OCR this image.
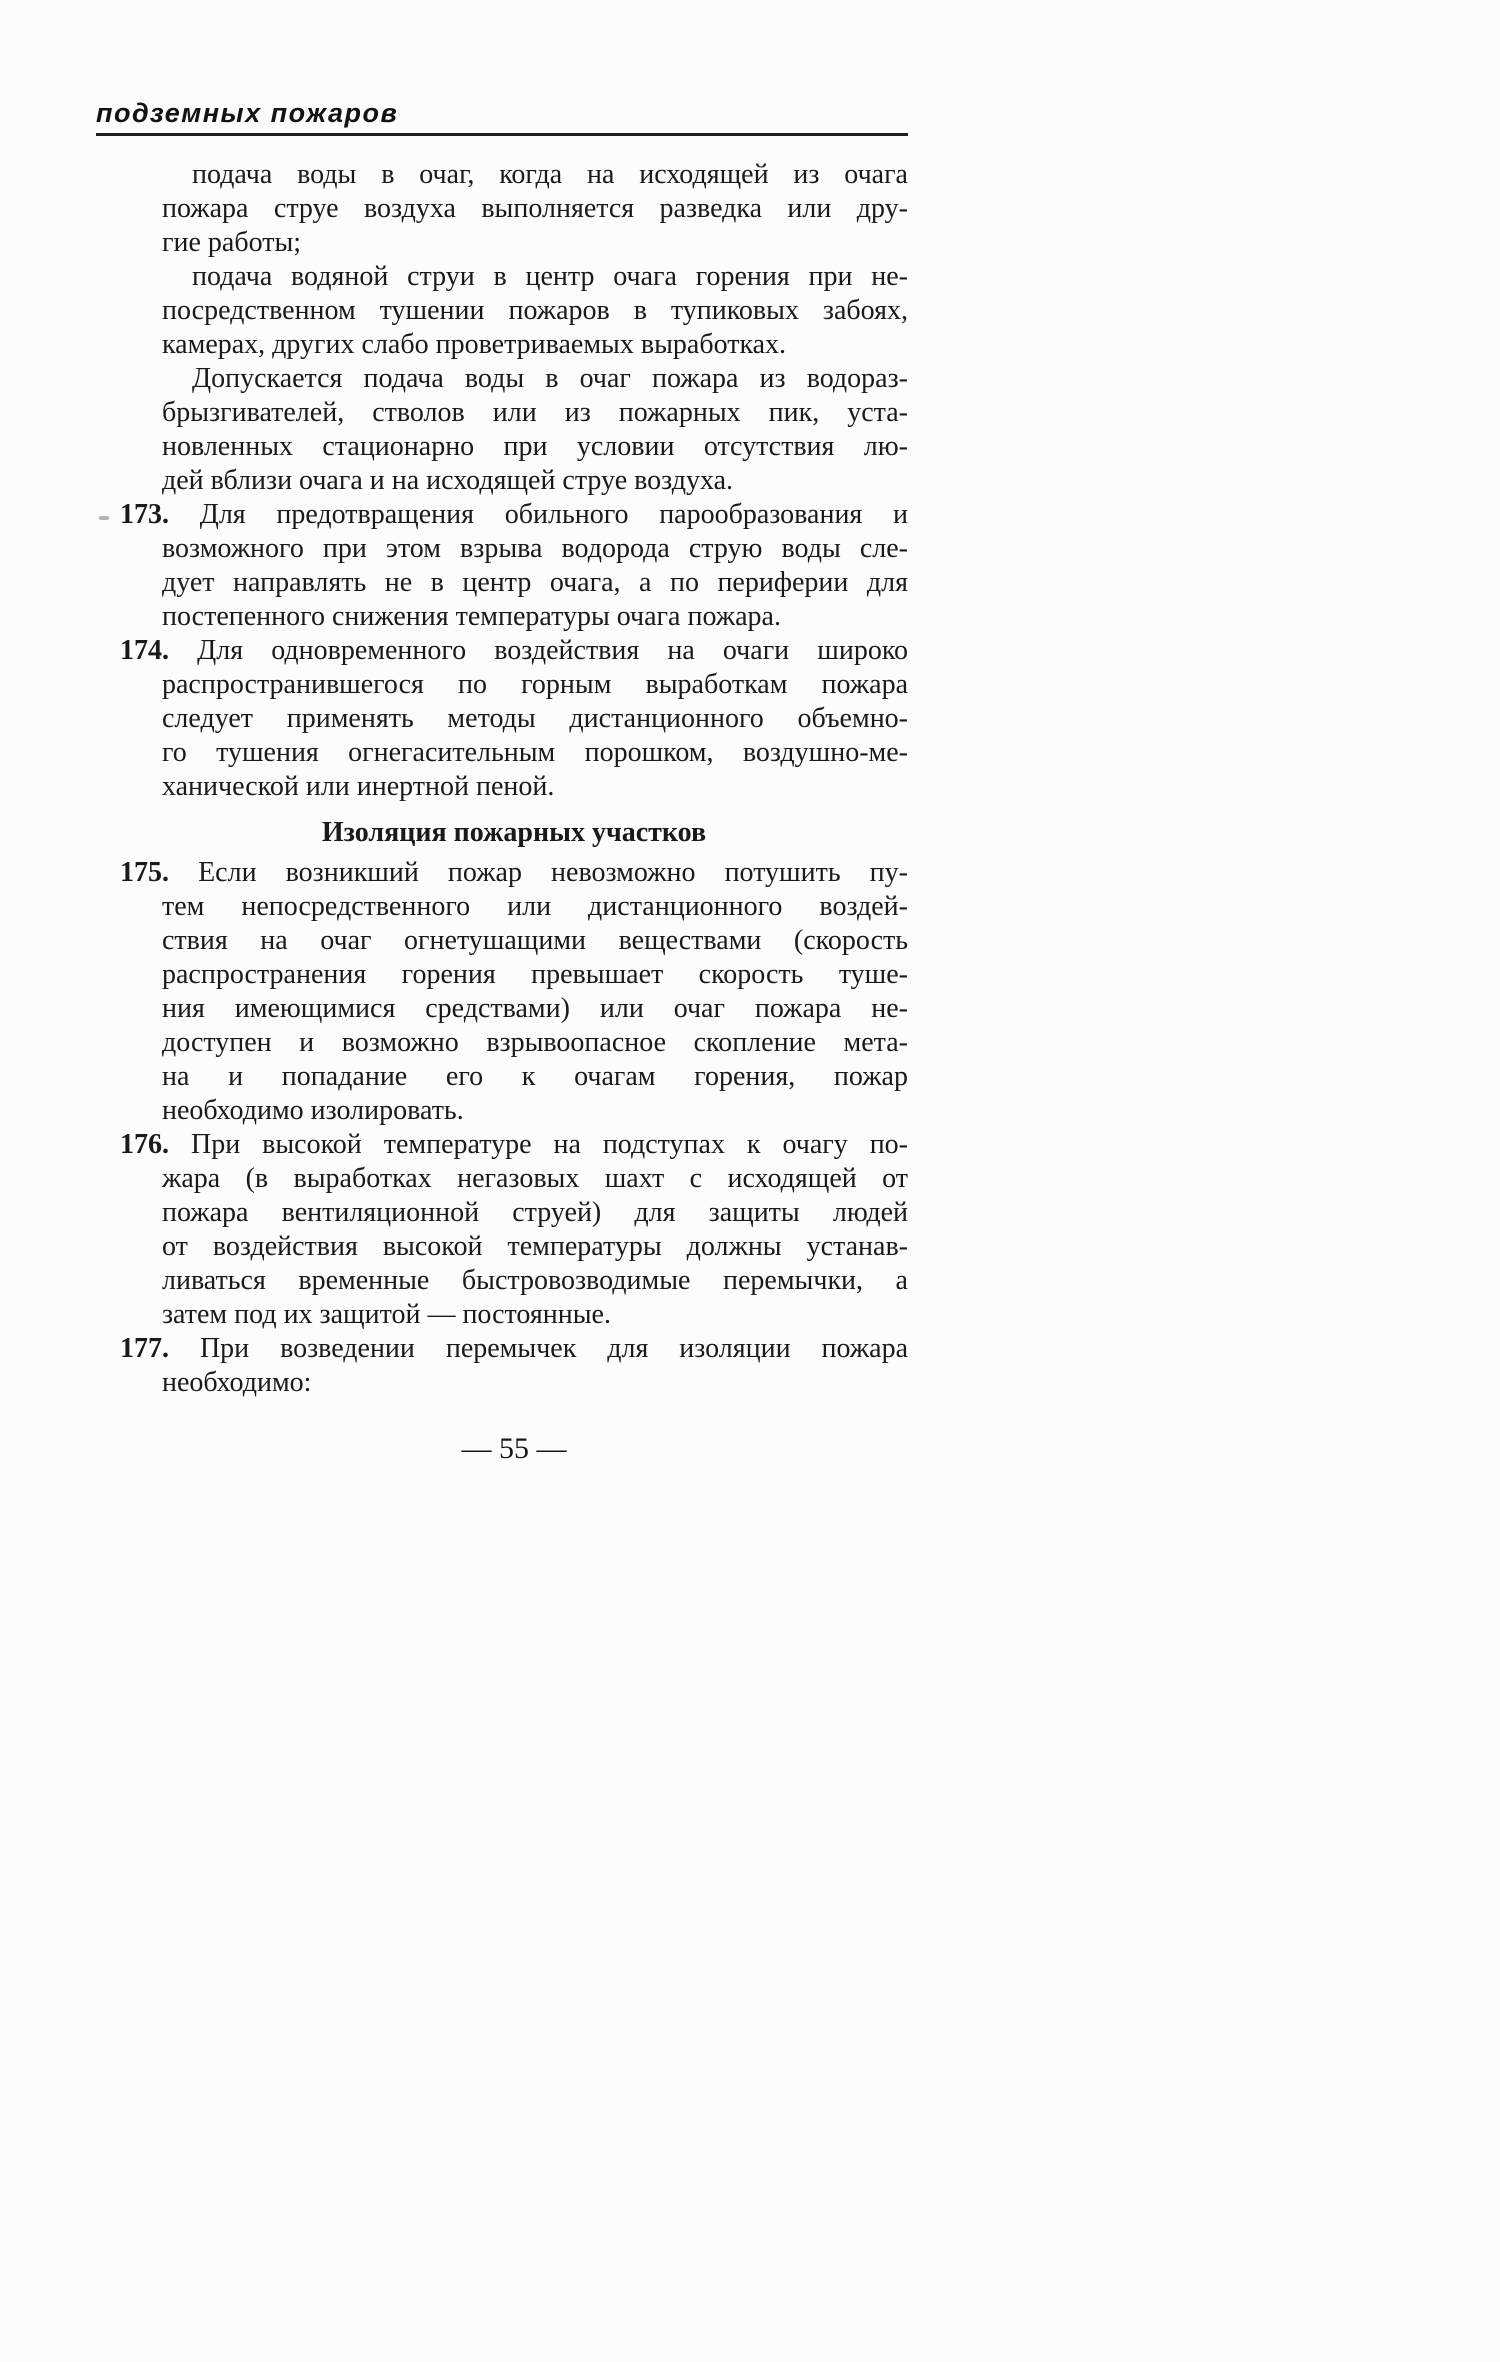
подземных пожаров
подача воды в очаг, когда на исходящей из очага
пожара струе воздуха выполняется разведка или дру-
гие работы;
подача водяной струи в центр очага горения при не-
посредственном тушении пожаров в тупиковых забоях,
камерах, других слабо проветриваемых выработках.
Допускается подача воды в очаг пожара из водораз-
брызгивателей, стволов или из пожарных пик, уста-
новленных стационарно при условии отсутствия лю-
дей вблизи очага и на исходящей струе воздуха.
173. Для предотвращения обильного парообразования и
возможного при этом взрыва водорода струю воды сле-
дует направлять не в центр очага, а по периферии для
постепенного снижения температуры очага пожара.
174. Для одновременного воздействия на очаги широко
распространившегося по горным выработкам пожара
следует применять методы дистанционного объемно-
го тушения огнегасительным порошком, воздушно-ме-
ханической или инертной пеной.
Изоляция пожарных участков
175. Если возникший пожар невозможно потушить пу-
тем непосредственного или дистанционного воздей-
ствия на очаг огнетушащими веществами (скорость
распространения горения превышает скорость туше-
ния имеющимися средствами) или очаг пожара не-
доступен и возможно взрывоопасное скопление мета-
на и попадание его к очагам горения, пожар
необходимо изолировать.
176. При высокой температуре на подступах к очагу по-
жара (в выработках негазовых шахт с исходящей от
пожара вентиляционной струей) для защиты людей
от воздействия высокой температуры должны устанав-
ливаться временные быстровозводимые перемычки, а
затем под их защитой — постоянные.
177. При возведении перемычек для изоляции пожара
необходимо:
— 55 —
